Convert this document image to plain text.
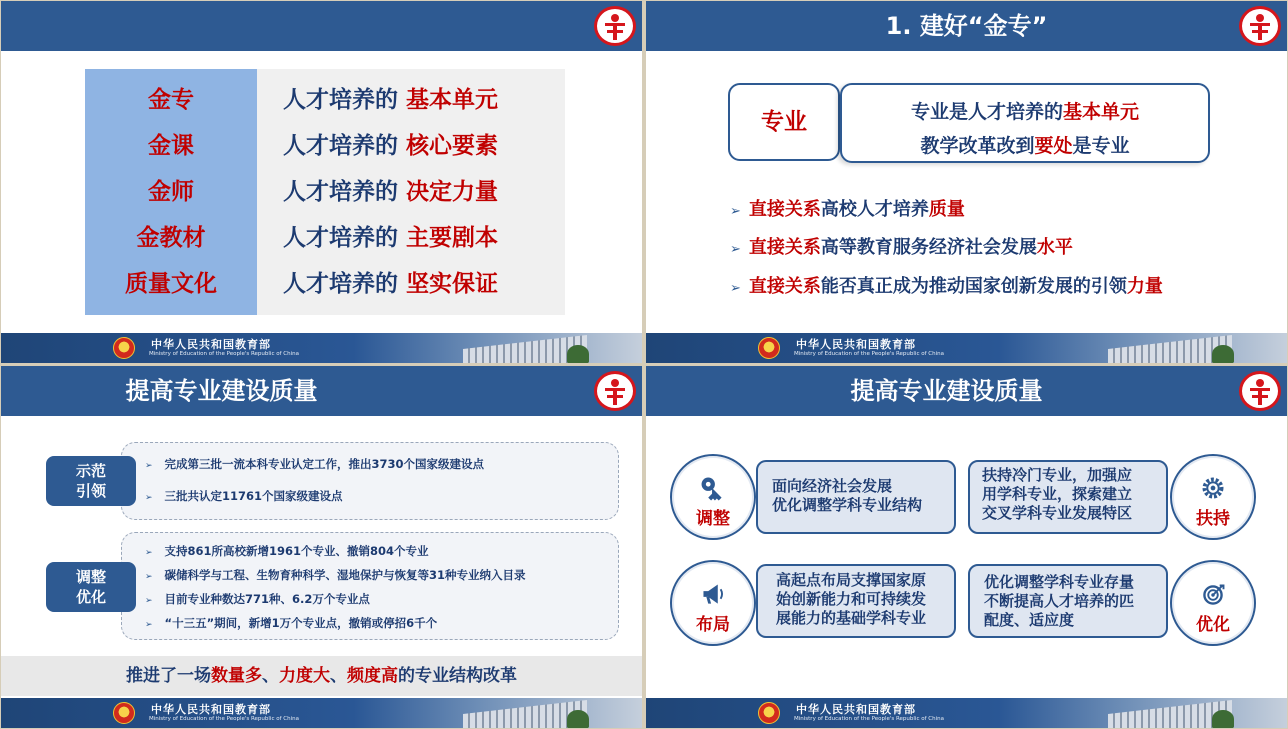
金专	人才培养的 基本单元
金课	人才培养的 核心要素
金师	人才培养的 决定力量
金教材	人才培养的 主要剧本
质量文化	人才培养的 坚实保证
中华人民共和国教育部
Ministry of Education of the People's Republic of China
1. 建好“金专”
专业	专业是人才培养的基本单元
教学改革改到要处是专业
➢ 直接关系高校人才培养质量
➢ 直接关系高等教育服务经济社会发展水平
➢ 直接关系能否真正成为推动国家创新发展的引领力量
中华人民共和国教育部
Ministry of Education of the People's Republic of China
提高专业建设质量
示范
引领
调整
优化
➢ 完成第三批一流本科专业认定工作，推出3730个国家级建设点
➢ 三批共认定11761个国家级建设点
➢ 支持861所高校新增1961个专业、撤销804个专业
➢ 碳储科学与工程、生物育种科学、湿地保护与恢复等31种专业纳入目录
➢ 目前专业种数达771种、6.2万个专业点
➢ “十三五”期间，新增1万个专业点，撤销或停招6千个
推进了一场数量多、力度大、频度高的专业结构改革
中华人民共和国教育部
Ministry of Education of the People's Republic of China
提高专业建设质量
面向经济社会发展
优化调整学科专业结构
扶持冷门专业，加强应
用学科专业，探索建立
交叉学科专业发展特区
高起点布局支撑国家原
始创新能力和可持续发
展能力的基础学科专业
优化调整学科专业存量
不断提高人才培养的匹
配度、适应度
调整	扶持
布局	优化
中华人民共和国教育部
Ministry of Education of the People's Republic of China
